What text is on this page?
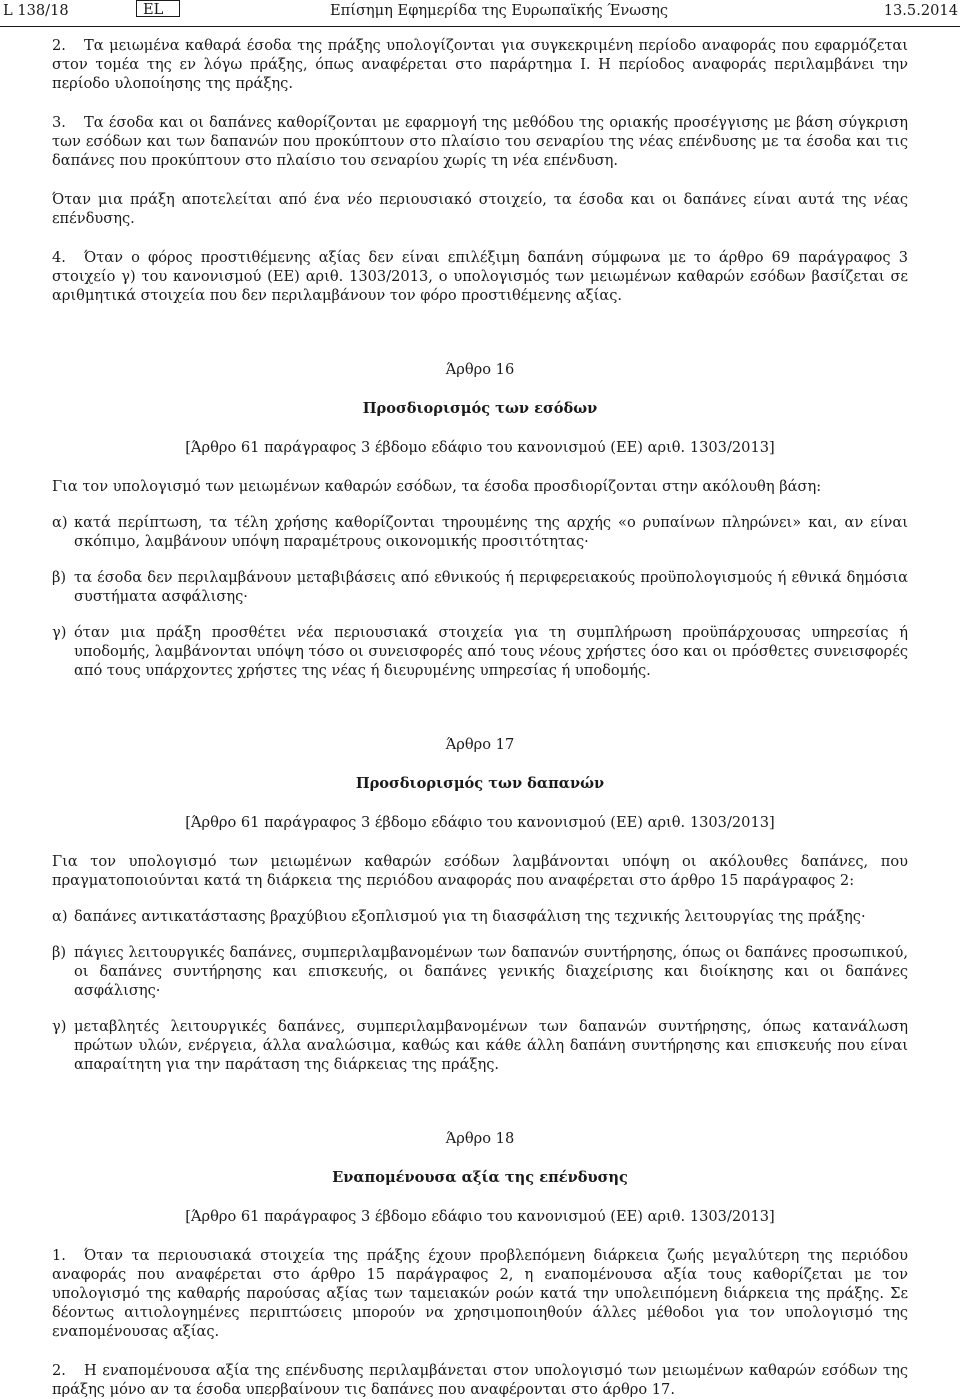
L 138/18	EL	Επίσημη Εφημερίδα της Ευρωπαϊκής Ένωσης	13.5.2014

2. Τα μειωμένα καθαρά έσοδα της πράξης υπολογίζονται για συγκεκριμένη περίοδο αναφοράς που εφαρμόζεται στον τομέα της εν λόγω πράξης, όπως αναφέρεται στο παράρτημα I. Η περίοδος αναφοράς περιλαμβάνει την περίοδο υλοποίησης της πράξης.

3. Τα έσοδα και οι δαπάνες καθορίζονται με εφαρμογή της μεθόδου της οριακής προσέγγισης με βάση σύγκριση των εσόδων και των δαπανών που προκύπτουν στο πλαίσιο του σεναρίου της νέας επένδυσης με τα έσοδα και τις δαπάνες που προκύπτουν στο πλαίσιο του σεναρίου χωρίς τη νέα επένδυση.

Όταν μια πράξη αποτελείται από ένα νέο περιουσιακό στοιχείο, τα έσοδα και οι δαπάνες είναι αυτά της νέας επένδυσης.

4. Όταν ο φόρος προστιθέμενης αξίας δεν είναι επιλέξιμη δαπάνη σύμφωνα με το άρθρο 69 παράγραφος 3 στοιχείο γ) του κανονισμού (ΕΕ) αριθ. 1303/2013, ο υπολογισμός των μειωμένων καθαρών εσόδων βασίζεται σε αριθμητικά στοιχεία που δεν περιλαμβάνουν τον φόρο προστιθέμενης αξίας.

Άρθρο 16

Προσδιορισμός των εσόδων

[Άρθρο 61 παράγραφος 3 έβδομο εδάφιο του κανονισμού (ΕΕ) αριθ. 1303/2013]

Για τον υπολογισμό των μειωμένων καθαρών εσόδων, τα έσοδα προσδιορίζονται στην ακόλουθη βάση:

α) κατά περίπτωση, τα τέλη χρήσης καθορίζονται τηρουμένης της αρχής «ο ρυπαίνων πληρώνει» και, αν είναι σκόπιμο, λαμβάνουν υπόψη παραμέτρους οικονομικής προσιτότητας·

β) τα έσοδα δεν περιλαμβάνουν μεταβιβάσεις από εθνικούς ή περιφερειακούς προϋπολογισμούς ή εθνικά δημόσια συστήματα ασφάλισης·

γ) όταν μια πράξη προσθέτει νέα περιουσιακά στοιχεία για τη συμπλήρωση προϋπάρχουσας υπηρεσίας ή υποδομής, λαμβάνονται υπόψη τόσο οι συνεισφορές από τους νέους χρήστες όσο και οι πρόσθετες συνεισφορές από τους υπάρχοντες χρήστες της νέας ή διευρυμένης υπηρεσίας ή υποδομής.

Άρθρο 17

Προσδιορισμός των δαπανών

[Άρθρο 61 παράγραφος 3 έβδομο εδάφιο του κανονισμού (ΕΕ) αριθ. 1303/2013]

Για τον υπολογισμό των μειωμένων καθαρών εσόδων λαμβάνονται υπόψη οι ακόλουθες δαπάνες, που πραγματοποιούνται κατά τη διάρκεια της περιόδου αναφοράς που αναφέρεται στο άρθρο 15 παράγραφος 2:

α) δαπάνες αντικατάστασης βραχύβιου εξοπλισμού για τη διασφάλιση της τεχνικής λειτουργίας της πράξης·

β) πάγιες λειτουργικές δαπάνες, συμπεριλαμβανομένων των δαπανών συντήρησης, όπως οι δαπάνες προσωπικού, οι δαπάνες συντήρησης και επισκευής, οι δαπάνες γενικής διαχείρισης και διοίκησης και οι δαπάνες ασφάλισης·

γ) μεταβλητές λειτουργικές δαπάνες, συμπεριλαμβανομένων των δαπανών συντήρησης, όπως κατανάλωση πρώτων υλών, ενέργεια, άλλα αναλώσιμα, καθώς και κάθε άλλη δαπάνη συντήρησης και επισκευής που είναι απαραίτητη για την παράταση της διάρκειας της πράξης.

Άρθρο 18

Εναπομένουσα αξία της επένδυσης

[Άρθρο 61 παράγραφος 3 έβδομο εδάφιο του κανονισμού (ΕΕ) αριθ. 1303/2013]

1. Όταν τα περιουσιακά στοιχεία της πράξης έχουν προβλεπόμενη διάρκεια ζωής μεγαλύτερη της περιόδου αναφοράς που αναφέρεται στο άρθρο 15 παράγραφος 2, η εναπομένουσα αξία τους καθορίζεται με τον υπολογισμό της καθαρής παρούσας αξίας των ταμειακών ροών κατά την υπολειπόμενη διάρκεια της πράξης. Σε δέοντως αιτιολογημένες περιπτώσεις μπορούν να χρησιμοποιηθούν άλλες μέθοδοι για τον υπολογισμό της εναπομένουσας αξίας.

2. Η εναπομένουσα αξία της επένδυσης περιλαμβάνεται στον υπολογισμό των μειωμένων καθαρών εσόδων της πράξης μόνο αν τα έσοδα υπερβαίνουν τις δαπάνες που αναφέρονται στο άρθρο 17.
